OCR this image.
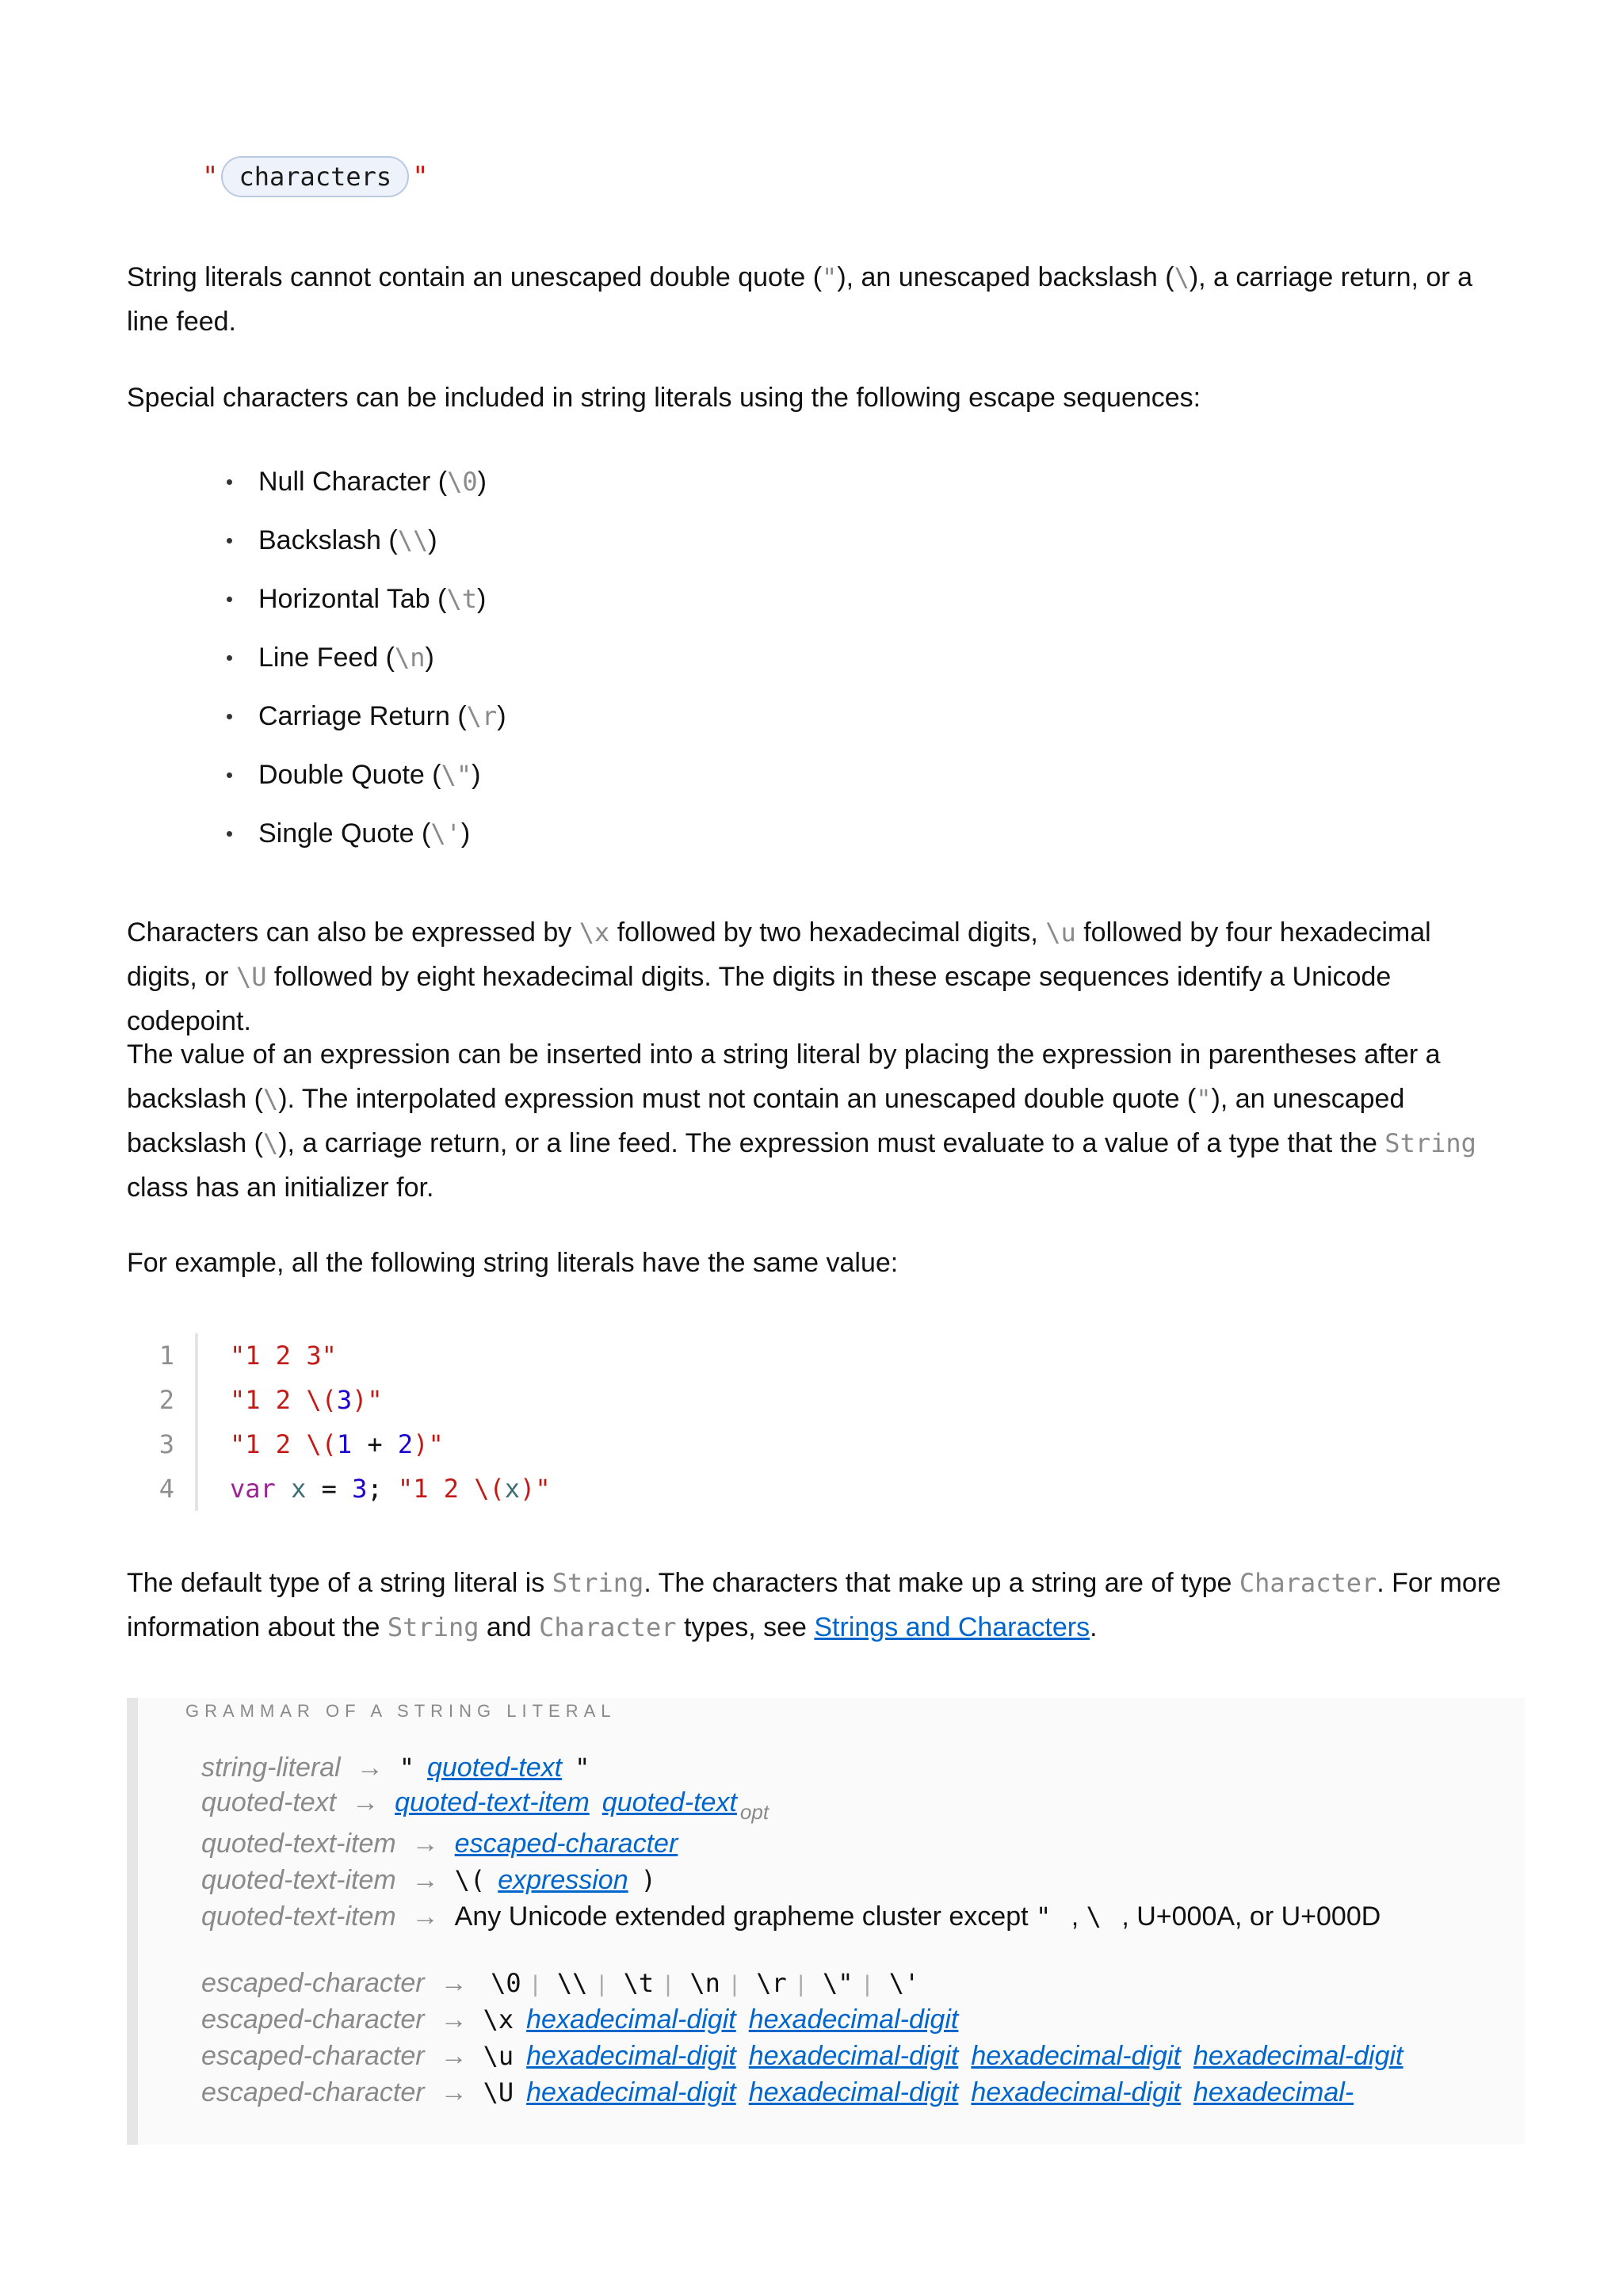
" characters "

String literals cannot contain an unescaped double quote ("), an unescaped backslash (\), a carriage return, or a line feed.

Special characters can be included in string literals using the following escape sequences:

Null Character (\0)
Backslash (\\)
Horizontal Tab (\t)
Line Feed (\n)
Carriage Return (\r)
Double Quote (\")
Single Quote (\')

Characters can also be expressed by \x followed by two hexadecimal digits, \u followed by four hexadecimal digits, or \U followed by eight hexadecimal digits. The digits in these escape sequences identify a Unicode codepoint.

The value of an expression can be inserted into a string literal by placing the expression in parentheses after a backslash (\). The interpolated expression must not contain an unescaped double quote ("), an unescaped backslash (\), a carriage return, or a line feed. The expression must evaluate to a value of a type that the String class has an initializer for.

For example, all the following string literals have the same value:

1	"1 2 3"
2	"1 2 \(3)"
3	"1 2 \(1 + 2)"
4	var x = 3; "1 2 \(x)"

The default type of a string literal is String. The characters that make up a string are of type Character. For more information about the String and Character types, see Strings and Characters.

GRAMMAR OF A STRING LITERAL
string-literal → " quoted-text "
quoted-text → quoted-text-item quoted-text $_{opt}$
quoted-text-item → escaped-character
quoted-text-item → \( expression )
quoted-text-item → Any Unicode extended grapheme cluster except " , \ , U+000A, or U+000D
escaped-character → \0 | \\ | \t | \n | \r | \" | \'
escaped-character → \x hexadecimal-digit hexadecimal-digit
escaped-character → \u hexadecimal-digit hexadecimal-digit hexadecimal-digit hexadecimal-digit
escaped-character → \U hexadecimal-digit hexadecimal-digit hexadecimal-digit hexadecimal-
